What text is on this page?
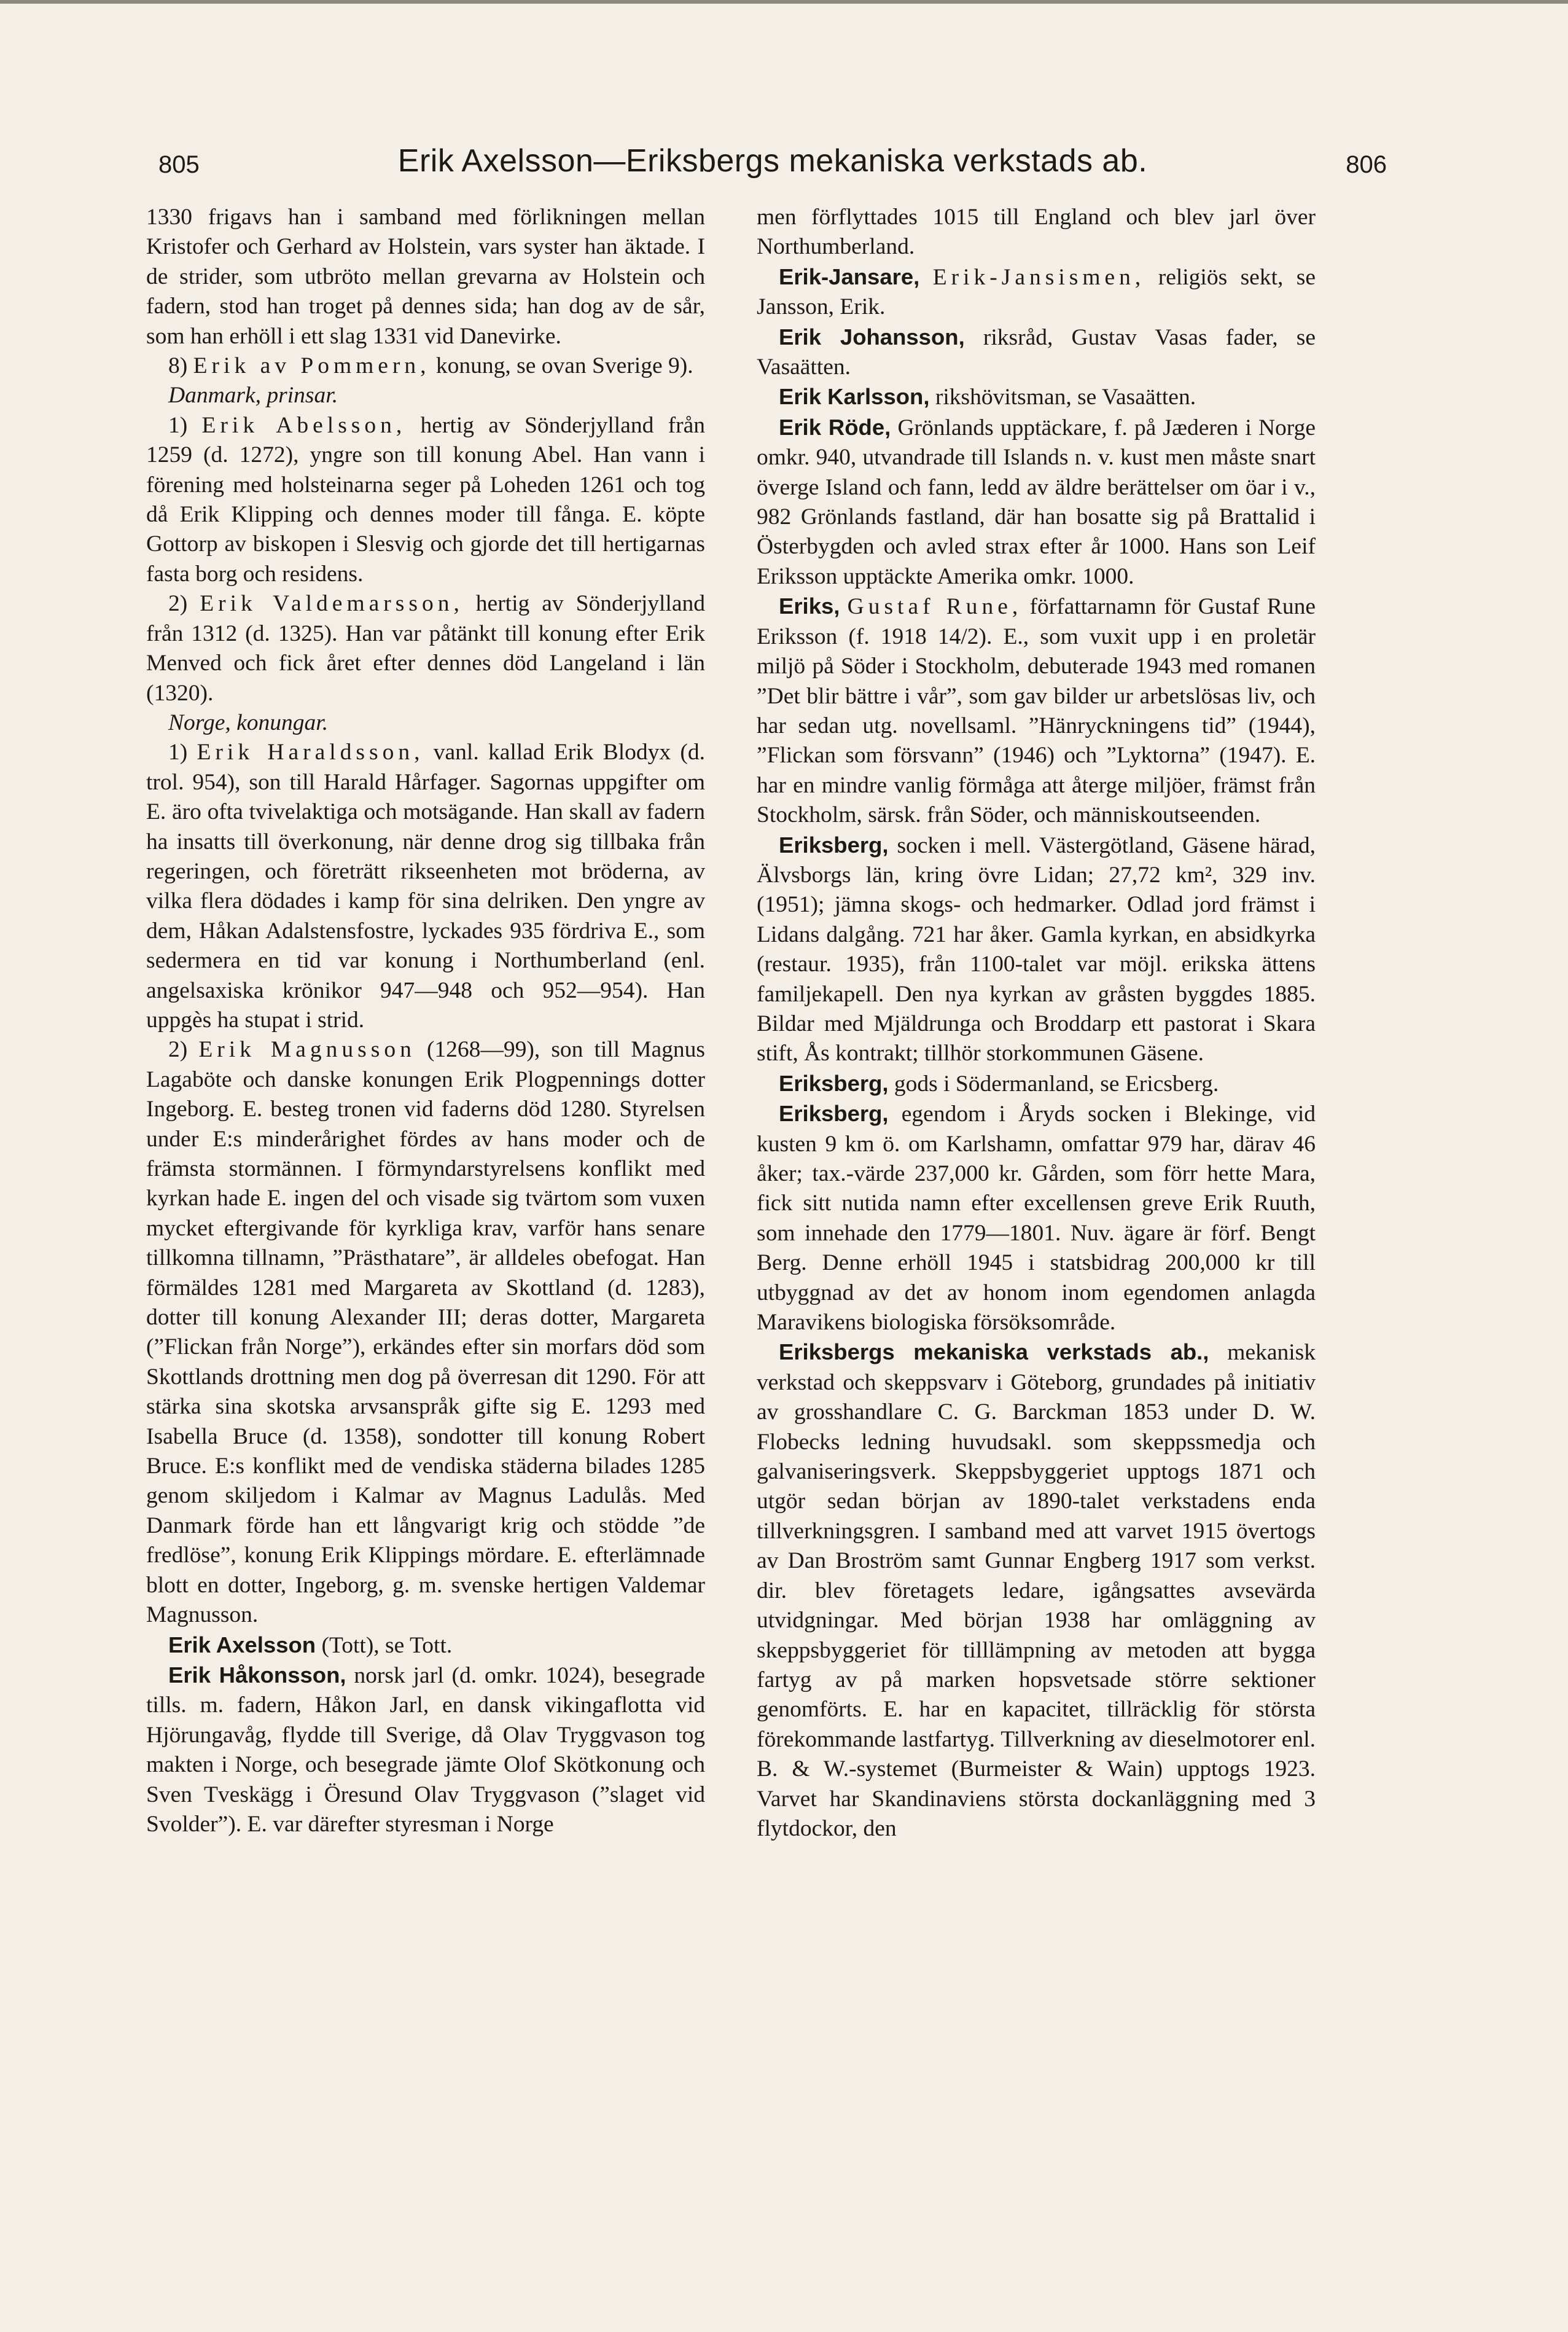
805	Erik Axelsson—Eriksbergs mekaniska verkstads ab.	806

1330 frigavs han i samband med förlikningen mellan Kristofer och Gerhard av Holstein, vars syster han äktade. I de strider, som utbröto mellan grevarna av Holstein och fadern, stod han troget på dennes sida; han dog av de sår, som han erhöll i ett slag 1331 vid Danevirke.

8) Erik av Pommern, konung, se ovan Sverige 9).

Danmark, prinsar.

1) Erik Abelsson, hertig av Sönderjylland från 1259 (d. 1272), yngre son till konung Abel. Han vann i förening med holsteinarna seger på Loheden 1261 och tog då Erik Klipping och dennes moder till fånga. E. köpte Gottorp av biskopen i Slesvig och gjorde det till hertigarnas fasta borg och residens.

2) Erik Valdemarsson, hertig av Sönderjylland från 1312 (d. 1325). Han var påtänkt till konung efter Erik Menved och fick året efter dennes död Langeland i län (1320).

Norge, konungar.

1) Erik Haraldsson, vanl. kallad Erik Blodyx (d. trol. 954), son till Harald Hårfager. Sagornas uppgifter om E. äro ofta tvivelaktiga och motsägande. Han skall av fadern ha insatts till överkonung, när denne drog sig tillbaka från regeringen, och företrätt rikseenheten mot bröderna, av vilka flera dödades i kamp för sina delriken. Den yngre av dem, Håkan Adalstensfostre, lyckades 935 fördriva E., som sedermera en tid var konung i Northumberland (enl. angelsaxiska krönikor 947—948 och 952—954). Han uppgès ha stupat i strid.

2) Erik Magnusson (1268—99), son till Magnus Lagaböte och danske konungen Erik Plogpennings dotter Ingeborg. E. besteg tronen vid faderns död 1280. Styrelsen under E:s minderårighet fördes av hans moder och de främsta stormännen. I förmyndarstyrelsens konflikt med kyrkan hade E. ingen del och visade sig tvärtom som vuxen mycket eftergivande för kyrkliga krav, varför hans senare tillkomna tillnamn, ”Prästhatare”, är alldeles obefogat. Han förmäldes 1281 med Margareta av Skottland (d. 1283), dotter till konung Alexander III; deras dotter, Margareta (”Flickan från Norge”), erkändes efter sin morfars död som Skottlands drottning men dog på överresan dit 1290. För att stärka sina skotska arvsanspråk gifte sig E. 1293 med Isabella Bruce (d. 1358), sondotter till konung Robert Bruce. E:s konflikt med de vendiska städerna bilades 1285 genom skiljedom i Kalmar av Magnus Ladulås. Med Danmark förde han ett långvarigt krig och stödde ”de fredlöse”, konung Erik Klippings mördare. E. efterlämnade blott en dotter, Ingeborg, g. m. svenske hertigen Valdemar Magnusson.

Erik Axelsson (Tott), se Tott.

Erik Håkonsson, norsk jarl (d. omkr. 1024), besegrade tills. m. fadern, Håkon Jarl, en dansk vikingaflotta vid Hjörungavåg, flydde till Sverige, då Olav Tryggvason tog makten i Norge, och besegrade jämte Olof Skötkonung och Sven Tveskägg i Öresund Olav Tryggvason (”slaget vid Svolder”). E. var därefter styresman i Norge

men förflyttades 1015 till England och blev jarl över Northumberland.

Erik-Jansare, Erik-Jansismen, religiös sekt, se Jansson, Erik.

Erik Johansson, riksråd, Gustav Vasas fader, se Vasaätten.

Erik Karlsson, rikshövitsman, se Vasaätten.

Erik Röde, Grönlands upptäckare, f. på Jæderen i Norge omkr. 940, utvandrade till Islands n. v. kust men måste snart överge Island och fann, ledd av äldre berättelser om öar i v., 982 Grönlands fastland, där han bosatte sig på Brattalid i Österbygden och avled strax efter år 1000. Hans son Leif Eriksson upptäckte Amerika omkr. 1000.

Eriks, Gustaf Rune, författarnamn för Gustaf Rune Eriksson (f. 1918 14/2). E., som vuxit upp i en proletär miljö på Söder i Stockholm, debuterade 1943 med romanen ”Det blir bättre i vår”, som gav bilder ur arbetslösas liv, och har sedan utg. novellsaml. ”Hänryckningens tid” (1944), ”Flickan som försvann” (1946) och ”Lyktorna” (1947). E. har en mindre vanlig förmåga att återge miljöer, främst från Stockholm, särsk. från Söder, och människoutseenden.

Eriksberg, socken i mell. Västergötland, Gäsene härad, Älvsborgs län, kring övre Lidan; 27,72 km², 329 inv. (1951); jämna skogs- och hedmarker. Odlad jord främst i Lidans dalgång. 721 har åker. Gamla kyrkan, en absidkyrka (restaur. 1935), från 1100-talet var möjl. erikska ättens familjekapell. Den nya kyrkan av gråsten byggdes 1885. Bildar med Mjäldrunga och Broddarp ett pastorat i Skara stift, Ås kontrakt; tillhör storkommunen Gäsene.

Eriksberg, gods i Södermanland, se Ericsberg.

Eriksberg, egendom i Åryds socken i Blekinge, vid kusten 9 km ö. om Karlshamn, omfattar 979 har, därav 46 åker; tax.-värde 237,000 kr. Gården, som förr hette Mara, fick sitt nutida namn efter excellensen greve Erik Ruuth, som innehade den 1779—1801. Nuv. ägare är förf. Bengt Berg. Denne erhöll 1945 i statsbidrag 200,000 kr till utbyggnad av det av honom inom egendomen anlagda Maravikens biologiska försöksområde.

Eriksbergs mekaniska verkstads ab., mekanisk verkstad och skeppsvarv i Göteborg, grundades på initiativ av grosshandlare C. G. Barckman 1853 under D. W. Flobecks ledning huvudsakl. som skeppssmedja och galvaniseringsverk. Skeppsbyggeriet upptogs 1871 och utgör sedan början av 1890-talet verkstadens enda tillverkningsgren. I samband med att varvet 1915 övertogs av Dan Broström samt Gunnar Engberg 1917 som verkst. dir. blev företagets ledare, igångsattes avsevärda utvidgningar. Med början 1938 har omläggning av skeppsbyggeriet för tilllämpning av metoden att bygga fartyg av på marken hopsvetsade större sektioner genomförts. E. har en kapacitet, tillräcklig för största förekommande lastfartyg. Tillverkning av dieselmotorer enl. B. & W.-systemet (Burmeister & Wain) upptogs 1923. Varvet har Skandinaviens största dockanläggning med 3 flytdockor, den
